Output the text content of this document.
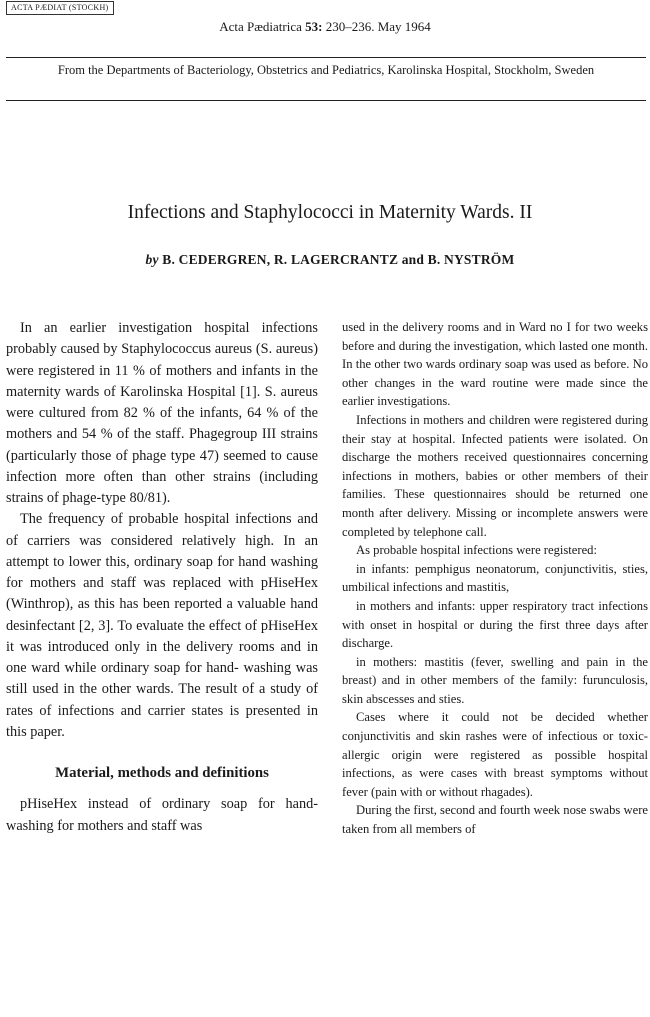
ACTA PÆDIAT (STOCKH)
Acta Pædiatrica 53: 230–236. May 1964
From the Departments of Bacteriology, Obstetrics and Pediatrics, Karolinska Hospital, Stockholm, Sweden
Infections and Staphylococci in Maternity Wards. II
by B. CEDERGREN, R. LAGERCRANTZ and B. NYSTRÖM

In an earlier investigation hospital infections probably caused by Staphylococcus aureus (S. aureus) were registered in 11 % of mothers and infants in the maternity wards of Karolinska Hospital [1]. S. aureus were cultured from 82 % of the infants, 64 % of the mothers and 54 % of the staff. Phagegroup III strains (particularly those of phage type 47) seemed to cause infection more often than other strains (including strains of phage-type 80/81).

The frequency of probable hospital infections and of carriers was considered relatively high. In an attempt to lower this, ordinary soap for hand washing for mothers and staff was replaced with pHiseHex (Winthrop), as this has been reported a valuable hand desinfectant [2, 3]. To evaluate the effect of pHiseHex it was introduced only in the delivery rooms and in one ward while ordinary soap for hand- washing was still used in the other wards. The result of a study of rates of infections and carrier states is presented in this paper.

Material, methods and definitions

pHiseHex instead of ordinary soap for hand-washing for mothers and staff was

used in the delivery rooms and in Ward no I for two weeks before and during the investigation, which lasted one month. In the other two wards ordinary soap was used as before. No other changes in the ward routine were made since the earlier investigations.

Infections in mothers and children were registered during their stay at hospital. Infected patients were isolated. On discharge the mothers received questionnaires concerning infections in mothers, babies or other members of their families. These questionnaires should be returned one month after delivery. Missing or incomplete answers were completed by telephone call.

As probable hospital infections were registered:

in infants: pemphigus neonatorum, conjunctivitis, sties, umbilical infections and mastitis,

in mothers and infants: upper respiratory tract infections with onset in hospital or during the first three days after discharge.

in mothers: mastitis (fever, swelling and pain in the breast) and in other members of the family: furunculosis, skin abscesses and sties.

Cases where it could not be decided whether conjunctivitis and skin rashes were of infectious or toxic-allergic origin were registered as possible hospital infections, as were cases with breast symptoms without fever (pain with or without rhagades).

During the first, second and fourth week nose swabs were taken from all members of
